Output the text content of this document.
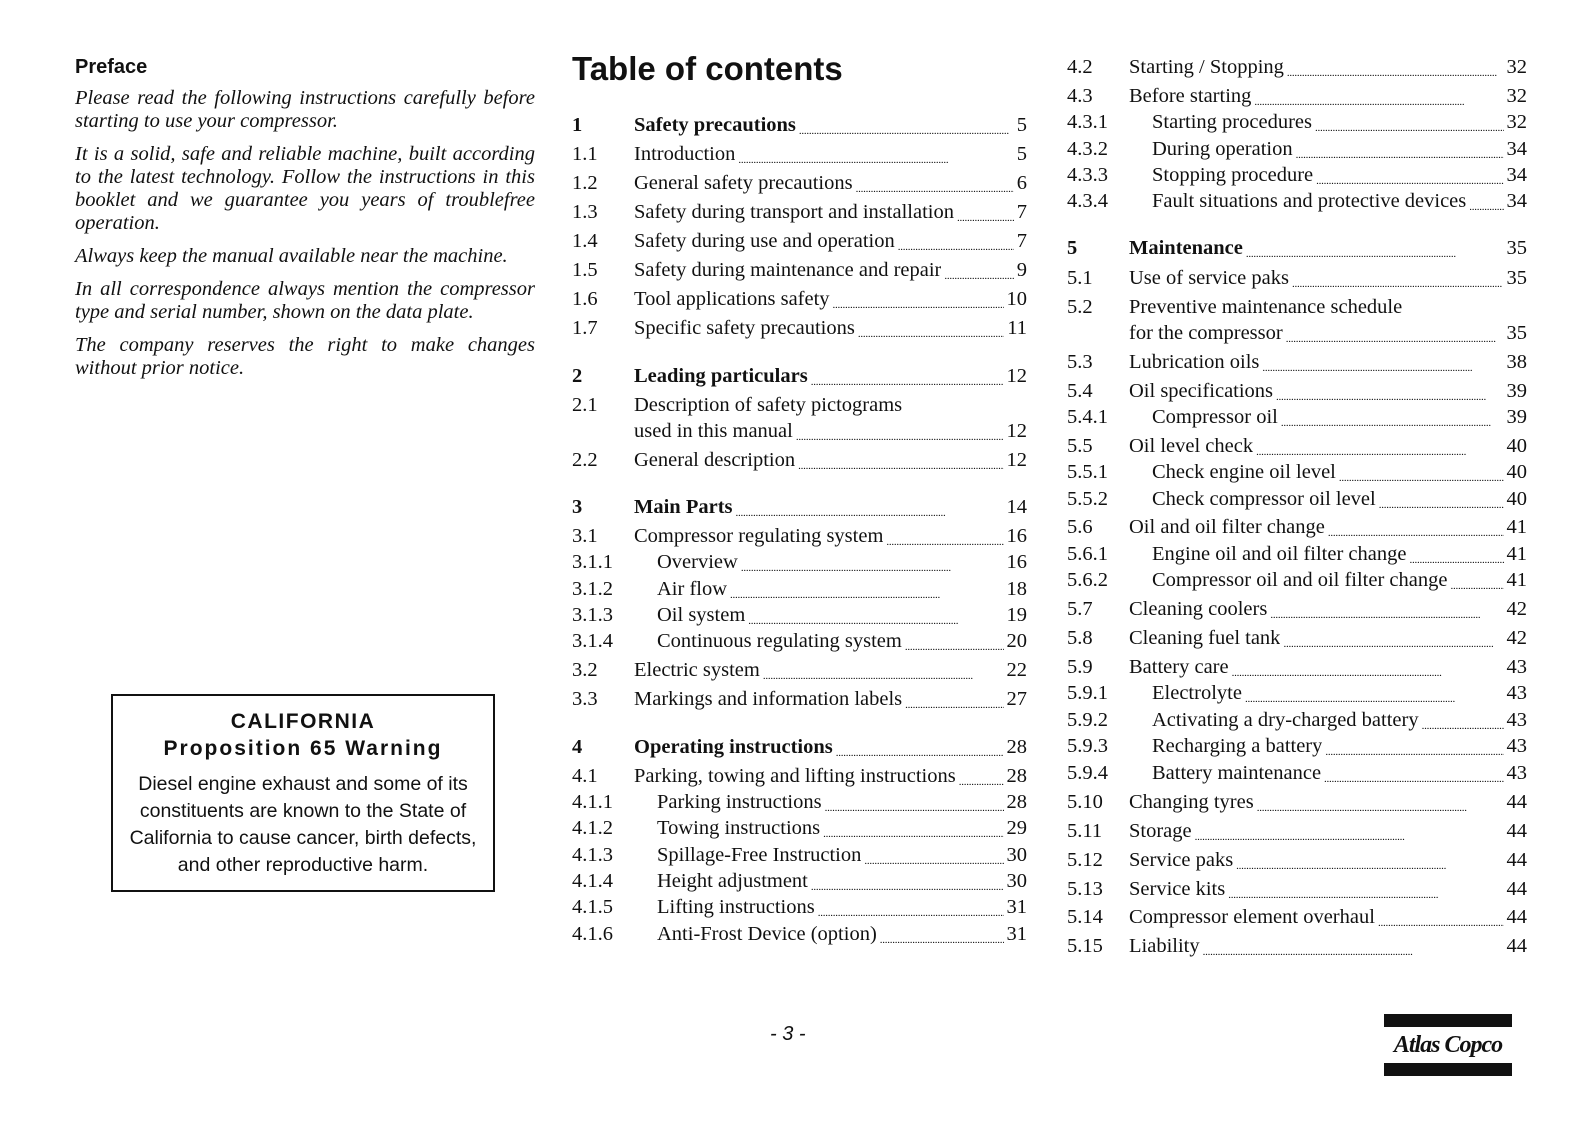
Preface

Please read the following instructions carefully before starting to use your compressor.

It is a solid, safe and reliable machine, built according to the latest technology. Follow the instructions in this booklet and we guarantee you years of troublefree operation.

Always keep the manual available near the machine.

In all correspondence always mention the compressor type and serial number, shown on the data plate.

The company reserves the right to make changes without prior notice.

CALIFORNIA
Proposition 65 Warning
Diesel engine exhaust and some of its constituents are known to the State of California to cause cancer, birth defects, and other reproductive harm.
Table of contents
1	Safety precautions . . .	5
1.1	Introduction . . .	5
1.2	General safety precautions . . .	6
1.3	Safety during transport and installation . . .	7
1.4	Safety during use and operation . . .	7
1.5	Safety during maintenance and repair . . .	9
1.6	Tool applications safety . . .	10
1.7	Specific safety precautions . . .	11
2	Leading particulars . . .	12
2.1	Description of safety pictograms
used in this manual . . .	12
2.2	General description . . .	12
3	Main Parts . . .	14
3.1	Compressor regulating system . . .	16
3.1.1	Overview . . .	16
3.1.2	Air flow . . .	18
3.1.3	Oil system . . .	19
3.1.4	Continuous regulating system . . .	20
3.2	Electric system . . .	22
3.3	Markings and information labels . . .	27
4	Operating instructions . . .	28
4.1	Parking, towing and lifting instructions . . . 28
4.1.1	Parking instructions . . .	28
4.1.2	Towing instructions . . .	29
4.1.3	Spillage-Free Instruction . . .	30
4.1.4	Height adjustment . . .	30
4.1.5	Lifting instructions . . .	31
4.1.6	Anti-Frost Device (option) . . .	31
4.2	Starting / Stopping . . .	32
4.3	Before starting . . .	32
4.3.1	Starting procedures . . .	32
4.3.2	During operation . . .	34
4.3.3	Stopping procedure . . .	34
4.3.4	Fault situations and protective devices . . . 34
5	Maintenance . . .	35
5.1	Use of service paks . . .	35
5.2	Preventive maintenance schedule
for the compressor . . .	35
5.3	Lubrication oils . . .	38
5.4	Oil specifications . . .	39
5.4.1	Compressor oil . . .	39
5.5	Oil level check . . .	40
5.5.1	Check engine oil level . . .	40
5.5.2	Check compressor oil level . . .	40
5.6	Oil and oil filter change . . .	41
5.6.1	Engine oil and oil filter change . . .	41
5.6.2	Compressor oil and oil filter change . . .	41
5.7	Cleaning coolers . . .	42
5.8	Cleaning fuel tank . . .	42
5.9	Battery care . . .	43
5.9.1	Electrolyte . . .	43
5.9.2	Activating a dry-charged battery . . .	43
5.9.3	Recharging a battery . . .	43
5.9.4	Battery maintenance . . .	43
5.10	Changing tyres . . .	44
5.11	Storage . . .	44
5.12	Service paks . . .	44
5.13	Service kits . . .	44
5.14	Compressor element overhaul . . .	44
5.15	Liability . . .	44
- 3 -	Atlas Copco
